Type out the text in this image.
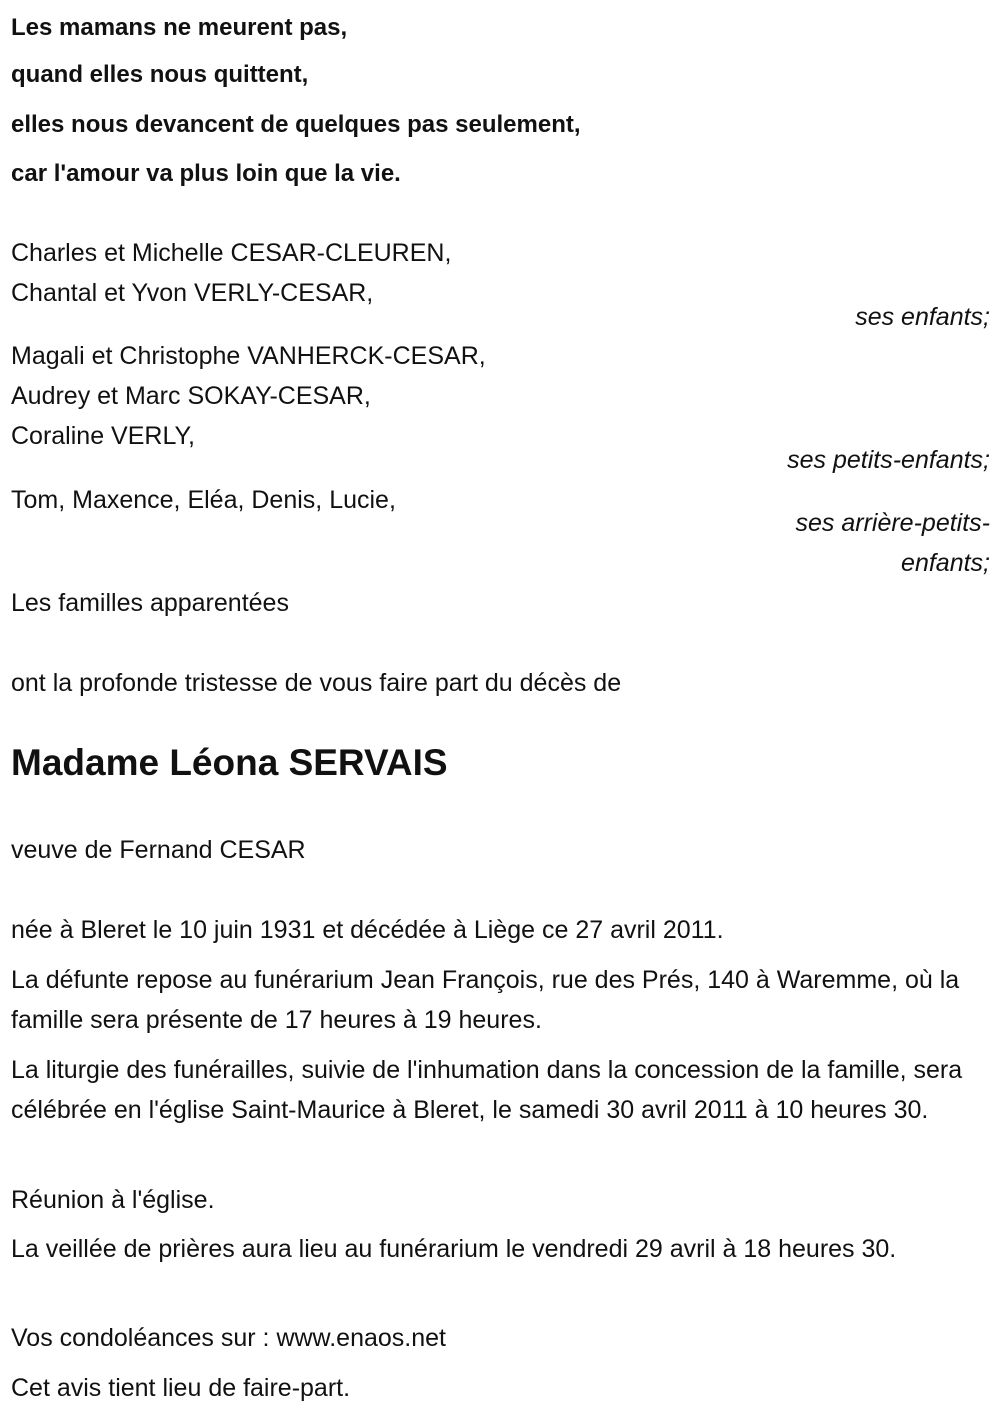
Les mamans ne meurent pas,
quand elles nous quittent,
elles nous devancent de quelques pas seulement,
car l'amour va plus loin que la vie.
Charles et Michelle CESAR-CLEUREN,
Chantal et Yvon VERLY-CESAR,
ses enfants;
Magali et Christophe VANHERCK-CESAR,
Audrey et Marc SOKAY-CESAR,
Coraline VERLY,
ses petits-enfants;
Tom, Maxence, Eléa, Denis, Lucie,
ses arrière-petits-
enfants;
Les familles apparentées
ont la profonde tristesse de vous faire part du décès de
Madame Léona SERVAIS
veuve de Fernand CESAR
née à Bleret le 10 juin 1931 et décédée à Liège ce 27 avril 2011.
La défunte repose au funérarium Jean François, rue des Prés, 140 à Waremme, où la famille sera présente de 17 heures à 19 heures.
La liturgie des funérailles, suivie de l'inhumation dans la concession de la famille, sera célébrée en l'église Saint-Maurice à Bleret, le samedi 30 avril 2011 à 10 heures 30.
Réunion à l'église.
La veillée de prières aura lieu au funérarium le vendredi 29 avril à 18 heures 30.
Vos condoléances sur : www.enaos.net
Cet avis tient lieu de faire-part.
